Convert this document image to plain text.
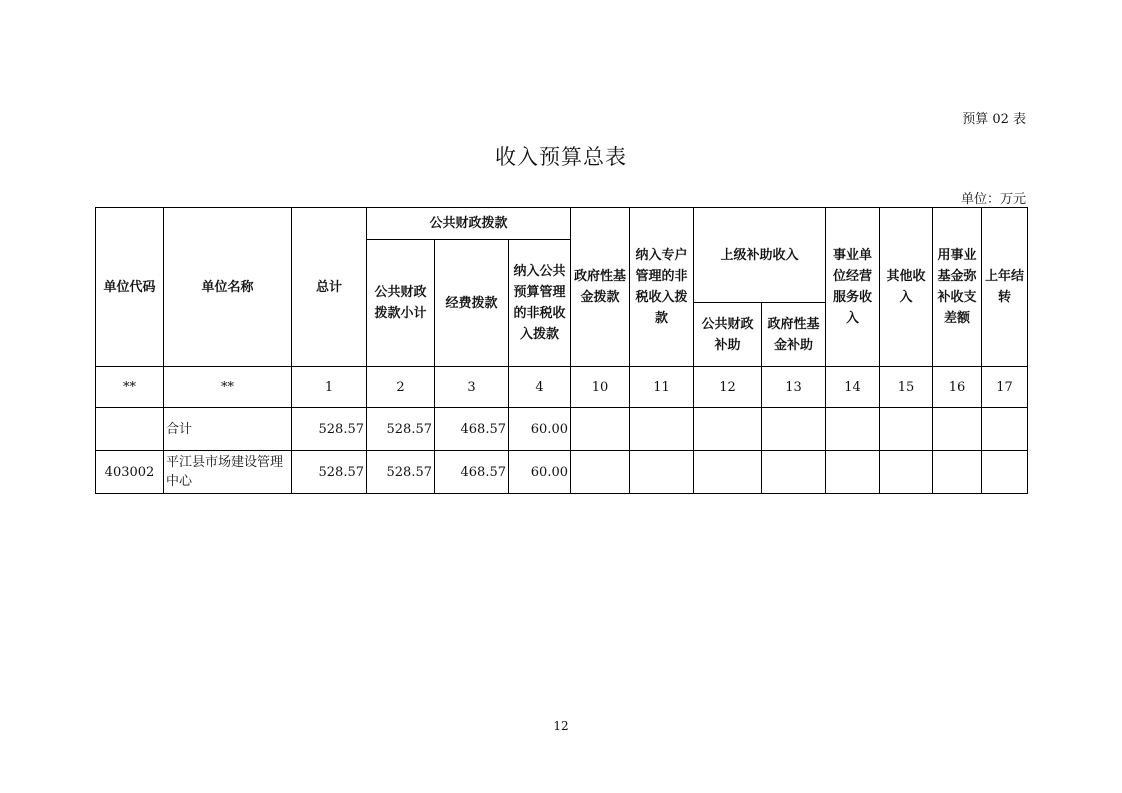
预算 02 表
收入预算总表
单位：万元
单位代码	单位名称	总计	公共财政拨款			政府性基金拨款	纳入专户管理的非税收入拨款	上级补助收入		事业单位经营服务收入	其他收入	用事业基金弥补收支差额	上年结转
			公共财政拨款小计	经费拨款	纳入公共预算管理的非税收入拨款								
								公共财政补助	政府性基金补助				
**	**	1	2	3	4	10	11	12	13	14	15	16	17
	合计	528.57	528.57	468.57	60.00								
403002	平江县市场建设管理中心	528.57	528.57	468.57	60.00								
12
